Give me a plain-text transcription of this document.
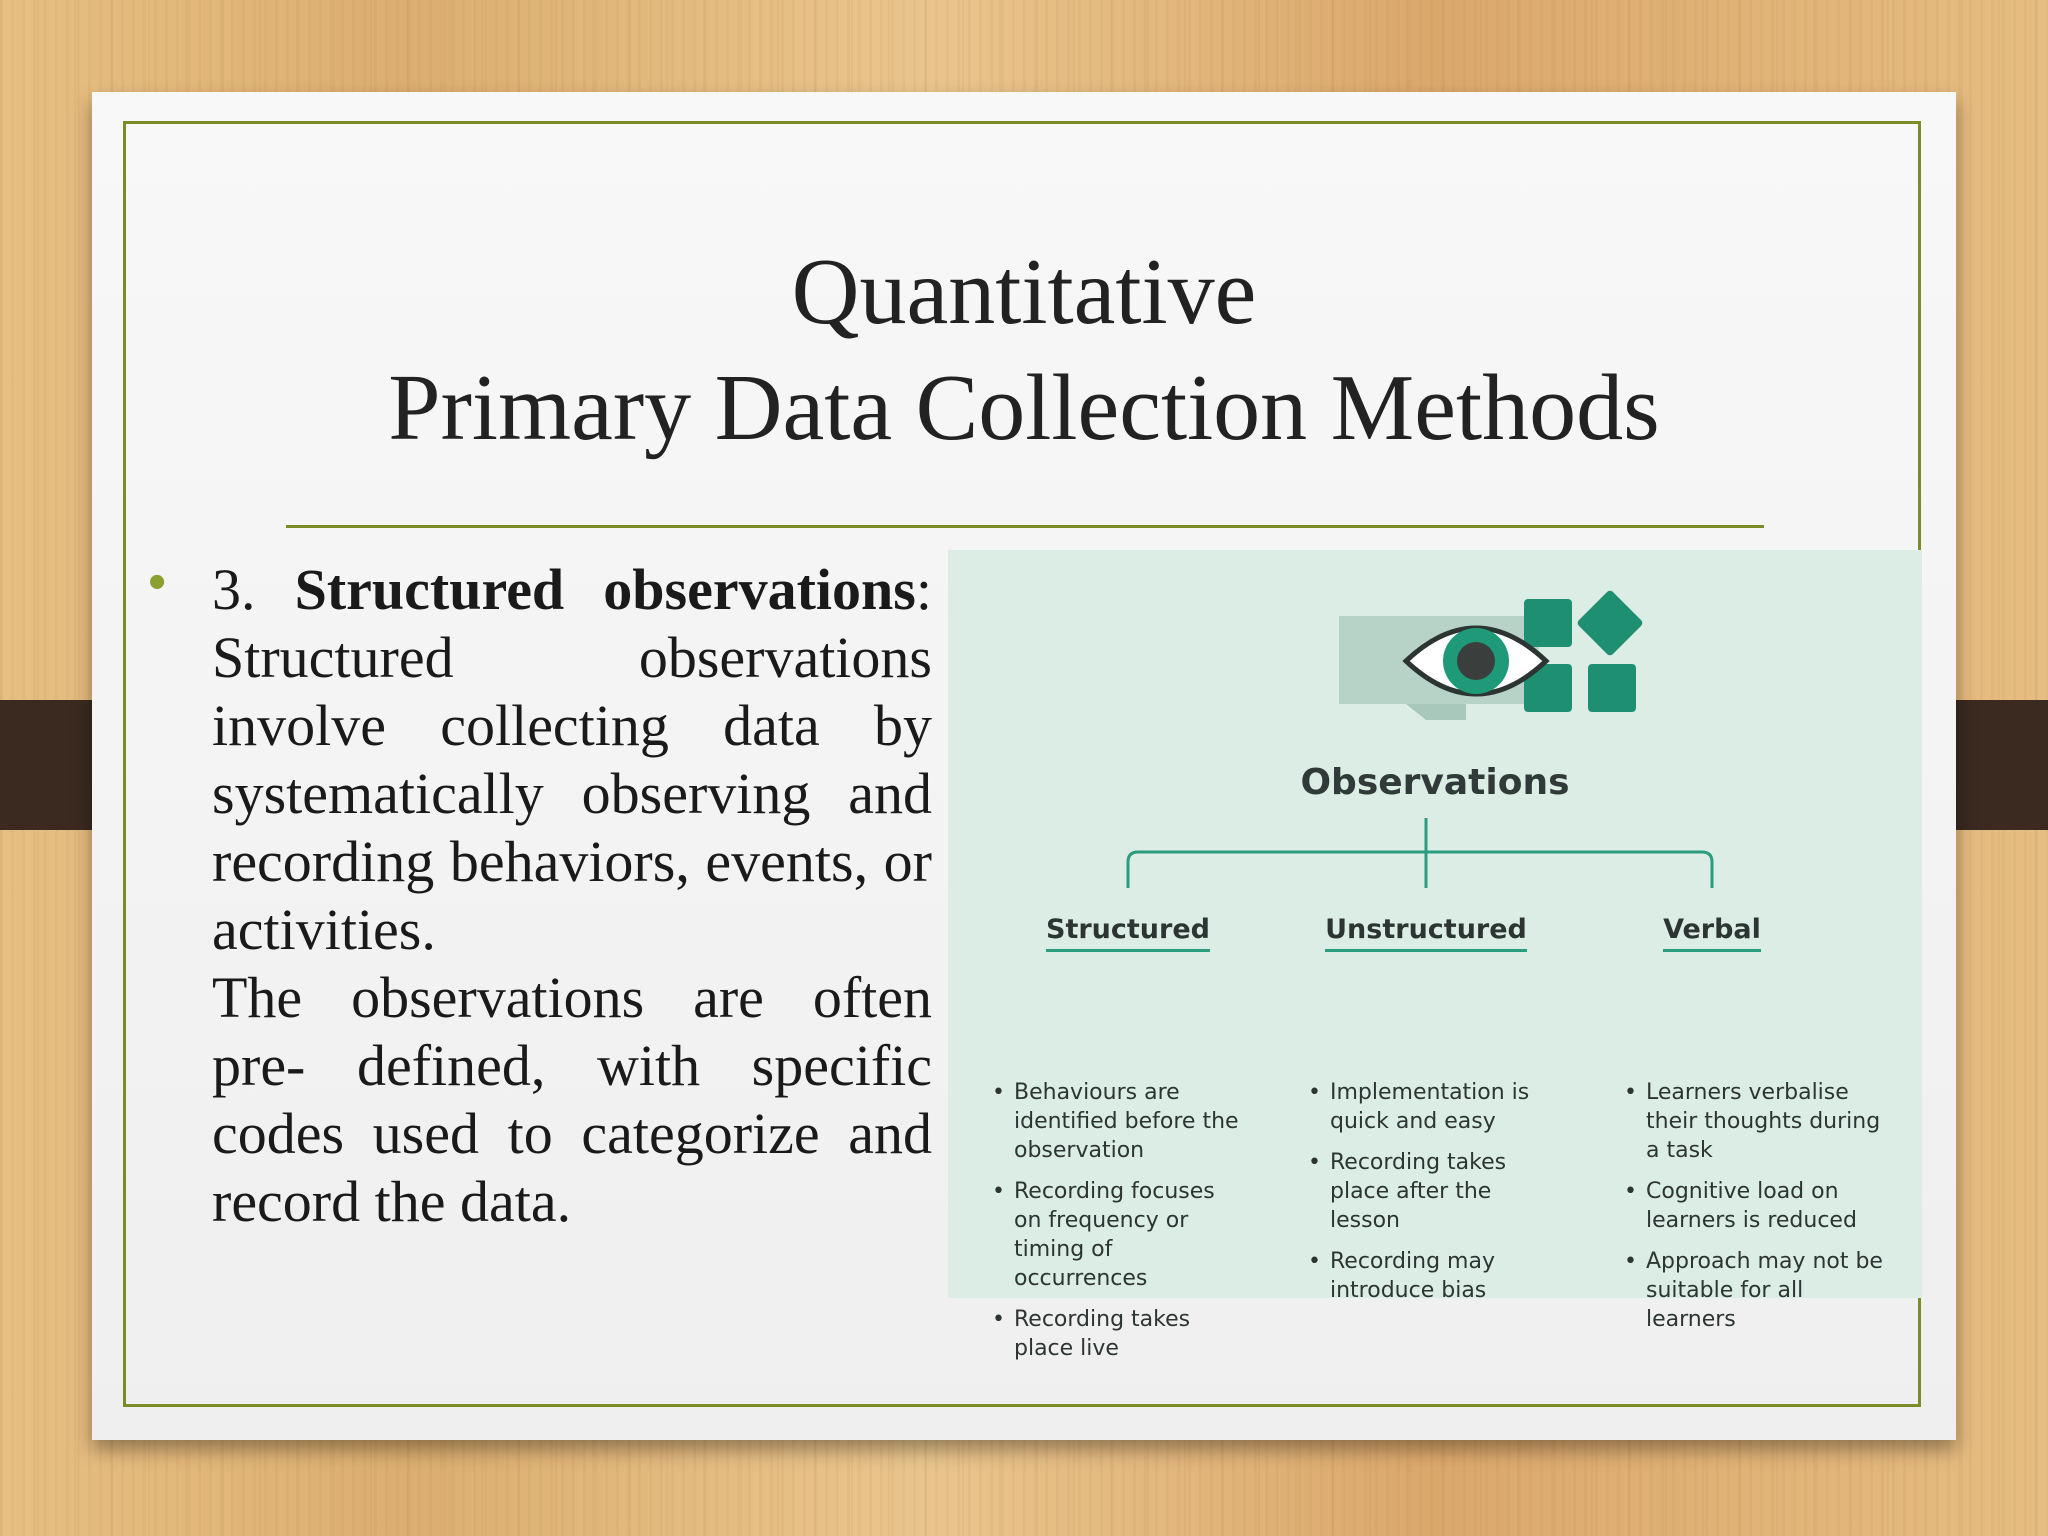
Quantitative
Primary Data Collection Methods
• 3. Structured observations: Structured observations involve collecting data by systematically observing and recording behaviors, events, or activities.

The observations are often pre- defined, with specific codes used to categorize and record the data.

Observations
Structured	Unstructured	Verbal
• Behaviours are identified before the observation
• Recording focuses on frequency or timing of occurrences
• Recording takes place live
• Implementation is quick and easy
• Recording takes place after the lesson
• Recording may introduce bias
• Learners verbalise their thoughts during a task
• Cognitive load on learners is reduced
• Approach may not be suitable for all learners
